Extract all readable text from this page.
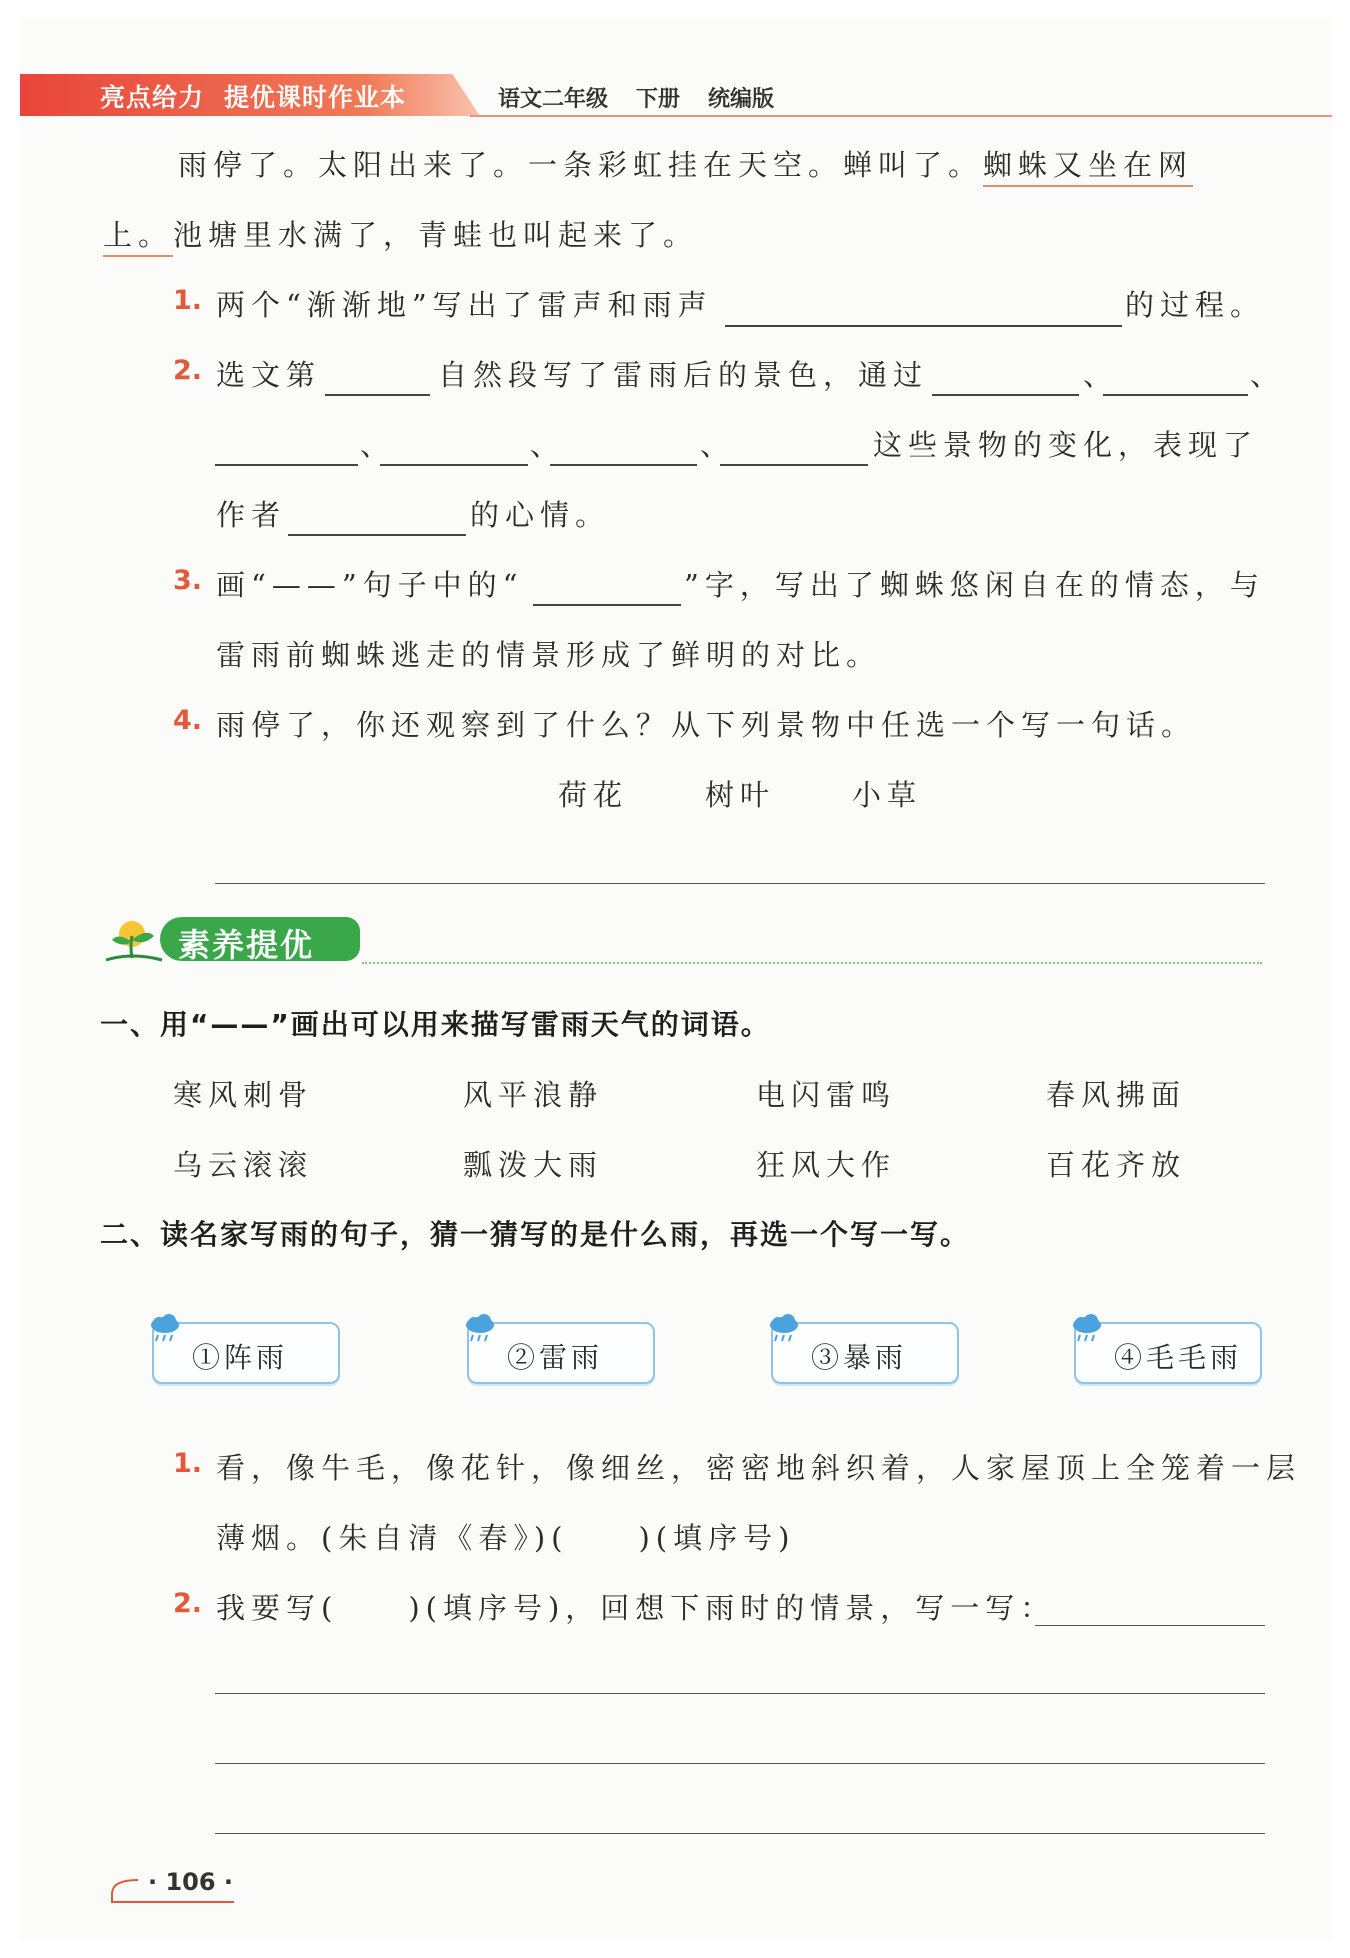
亮点给力 提优课时作业本	语文二年级 下册 统编版
雨停了。太阳出来了。一条彩虹挂在天空。蝉叫了。蜘蛛又坐在网
上。池塘里水满了，青蛙也叫起来了。
1. 两个“渐渐地”写出了雷声和雨声	的过程。
2. 选文第	自然段写了雷雨后的景色，通过	、	、
、	、	、	这些景物的变化，表现了
作者	的心情。
3. 画“——”句子中的“	”字，写出了蜘蛛悠闲自在的情态，与
雷雨前蜘蛛逃走的情景形成了鲜明的对比。
4. 雨停了，你还观察到了什么？从下列景物中任选一个写一句话。
荷花	树叶	小草
素养提优
一、用“——”画出可以用来描写雷雨天气的词语。
寒风刺骨	风平浪静	电闪雷鸣	春风拂面
乌云滚滚	瓢泼大雨	狂风大作	百花齐放
二、读名家写雨的句子，猜一猜写的是什么雨，再选一个写一写。
①阵雨	②雷雨	③暴雨	④毛毛雨
1. 看，像牛毛，像花针，像细丝，密密地斜织着，人家屋顶上全笼着一层
薄烟。(朱自清《春》)(　　)(填序号)
2. 我要写(　　)(填序号)，回想下雨时的情景，写一写：
· 106 ·
